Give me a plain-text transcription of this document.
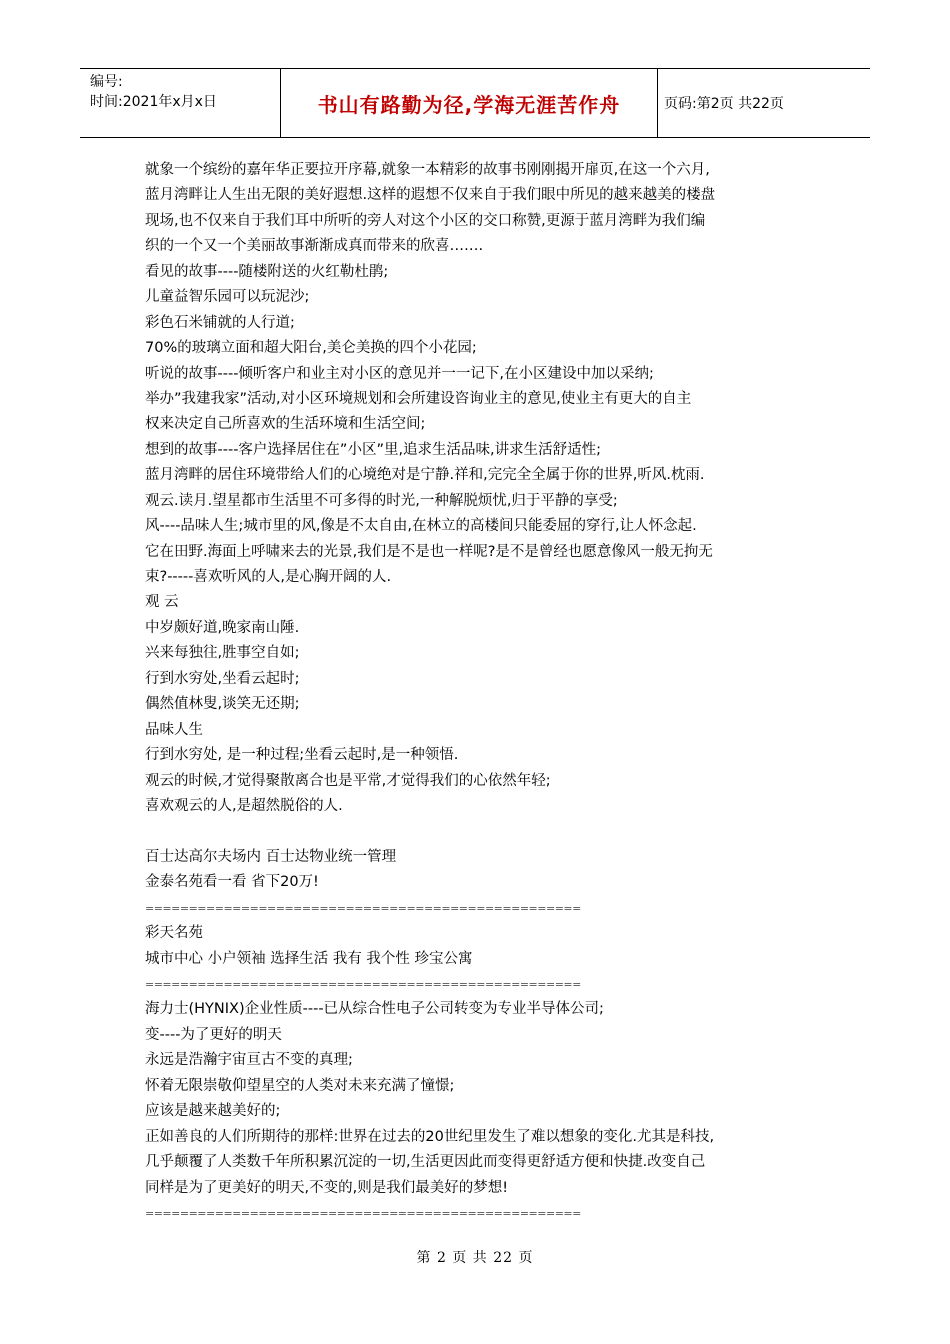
编号:
时间:2021年x月x日	书山有路勤为径,学海无涯苦作舟	页码:第2页 共22页
就象一个缤纷的嘉年华正要拉开序幕,就象一本精彩的故事书刚刚揭开扉页,在这一个六月,
蓝月湾畔让人生出无限的美好遐想.这样的遐想不仅来自于我们眼中所见的越来越美的楼盘
现场,也不仅来自于我们耳中所听的旁人对这个小区的交口称赞,更源于蓝月湾畔为我们编
织的一个又一个美丽故事渐渐成真而带来的欣喜…….
看见的故事----随楼附送的火红勒杜鹃;
儿童益智乐园可以玩泥沙;
彩色石米铺就的人行道;
70%的玻璃立面和超大阳台,美仑美换的四个小花园;
听说的故事----倾听客户和业主对小区的意见并一一记下,在小区建设中加以采纳;
举办”我建我家”活动,对小区环境规划和会所建设咨询业主的意见,使业主有更大的自主
权来决定自己所喜欢的生活环境和生活空间;
想到的故事----客户选择居住在”小区”里,追求生活品味,讲求生活舒适性;
蓝月湾畔的居住环境带给人们的心境绝对是宁静.祥和,完完全全属于你的世界,听风.枕雨.
观云.读月.望星都市生活里不可多得的时光,一种解脱烦忧,归于平静的享受;
风----品味人生;城市里的风,像是不太自由,在林立的高楼间只能委屈的穿行,让人怀念起.
它在田野.海面上呼啸来去的光景,我们是不是也一样呢?是不是曾经也愿意像风一般无拘无
束?-----喜欢听风的人,是心胸开阔的人.
观 云
中岁颇好道,晚家南山陲.
兴来每独往,胜事空自如;
行到水穷处,坐看云起时;
偶然值林叟,谈笑无还期;
品味人生
行到水穷处, 是一种过程;坐看云起时,是一种领悟.
观云的时候,才觉得聚散离合也是平常,才觉得我们的心依然年轻;
喜欢观云的人,是超然脱俗的人.
百士达高尔夫场内 百士达物业统一管理
金泰名苑看一看 省下20万!
==================================================
彩天名苑
城市中心 小户领袖 选择生活 我有 我个性 珍宝公寓
==================================================
海力士(HYNIX)企业性质----已从综合性电子公司转变为专业半导体公司;
变----为了更好的明天
永远是浩瀚宇宙亘古不变的真理;
怀着无限崇敬仰望星空的人类对未来充满了憧憬;
应该是越来越美好的;
正如善良的人们所期待的那样:世界在过去的20世纪里发生了难以想象的变化.尤其是科技,
几乎颠覆了人类数千年所积累沉淀的一切,生活更因此而变得更舒适方便和快捷.改变自己
同样是为了更美好的明天,不变的,则是我们最美好的梦想!
==================================================
第 2 页 共 22 页
